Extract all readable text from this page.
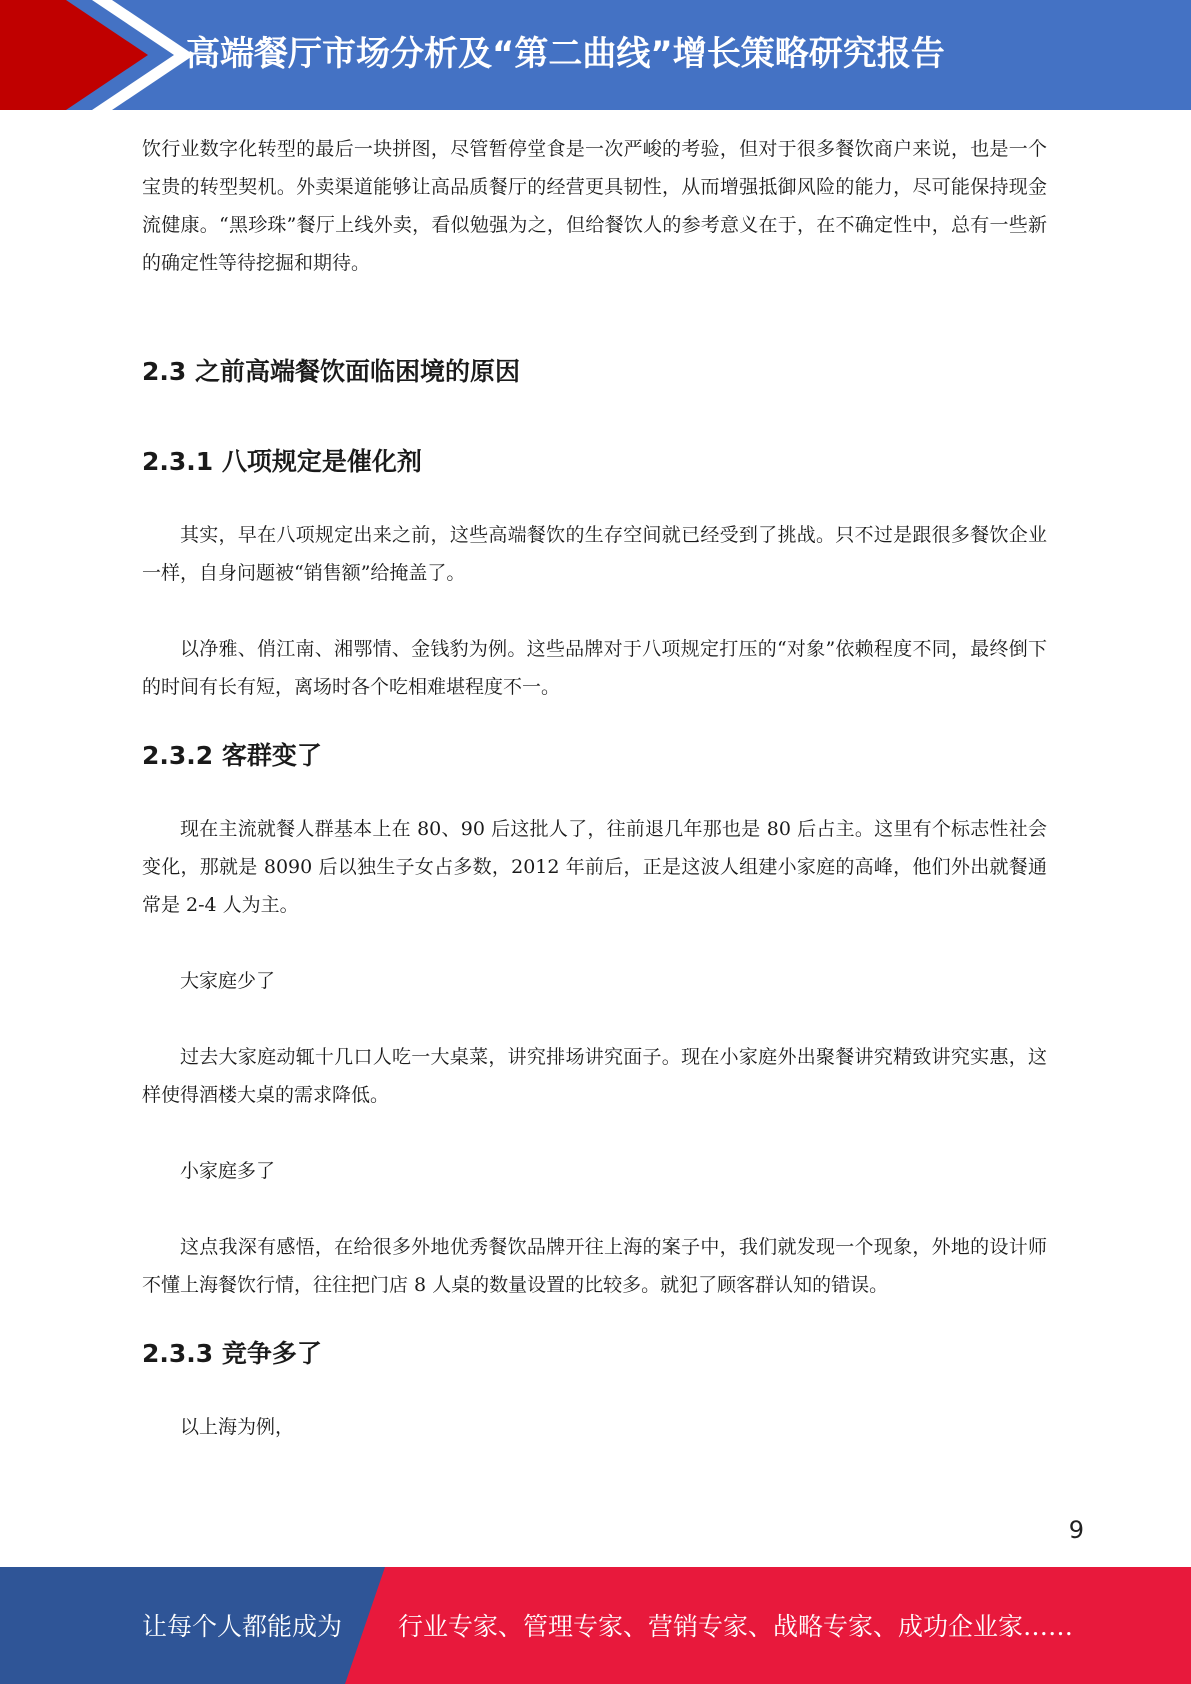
高端餐厅市场分析及“第二曲线”增长策略研究报告

饮行业数字化转型的最后一块拼图，尽管暂停堂食是一次严峻的考验，但对于很多餐饮商户来说，也是一个宝贵的转型契机。外卖渠道能够让高品质餐厅的经营更具韧性，从而增强抵御风险的能力，尽可能保持现金流健康。“黑珍珠”餐厅上线外卖，看似勉强为之，但给餐饮人的参考意义在于，在不确定性中，总有一些新的确定性等待挖掘和期待。

2.3 之前高端餐饮面临困境的原因
2.3.1 八项规定是催化剂

其实，早在八项规定出来之前，这些高端餐饮的生存空间就已经受到了挑战。只不过是跟很多餐饮企业一样，自身问题被“销售额”给掩盖了。

以净雅、俏江南、湘鄂情、金钱豹为例。这些品牌对于八项规定打压的“对象”依赖程度不同，最终倒下的时间有长有短，离场时各个吃相难堪程度不一。

2.3.2 客群变了

现在主流就餐人群基本上在 80、90 后这批人了，往前退几年那也是 80 后占主。这里有个标志性社会变化，那就是 8090 后以独生子女占多数，2012 年前后，正是这波人组建小家庭的高峰，他们外出就餐通常是 2-4 人为主。

大家庭少了

过去大家庭动辄十几口人吃一大桌菜，讲究排场讲究面子。现在小家庭外出聚餐讲究精致讲究实惠，这样使得酒楼大桌的需求降低。

小家庭多了

这点我深有感悟，在给很多外地优秀餐饮品牌开往上海的案子中，我们就发现一个现象，外地的设计师不懂上海餐饮行情，往往把门店 8 人桌的数量设置的比较多。就犯了顾客群认知的错误。

2.3.3 竞争多了

以上海为例，

9
让每个人都能成为 行业专家、管理专家、营销专家、战略专家、成功企业家……
